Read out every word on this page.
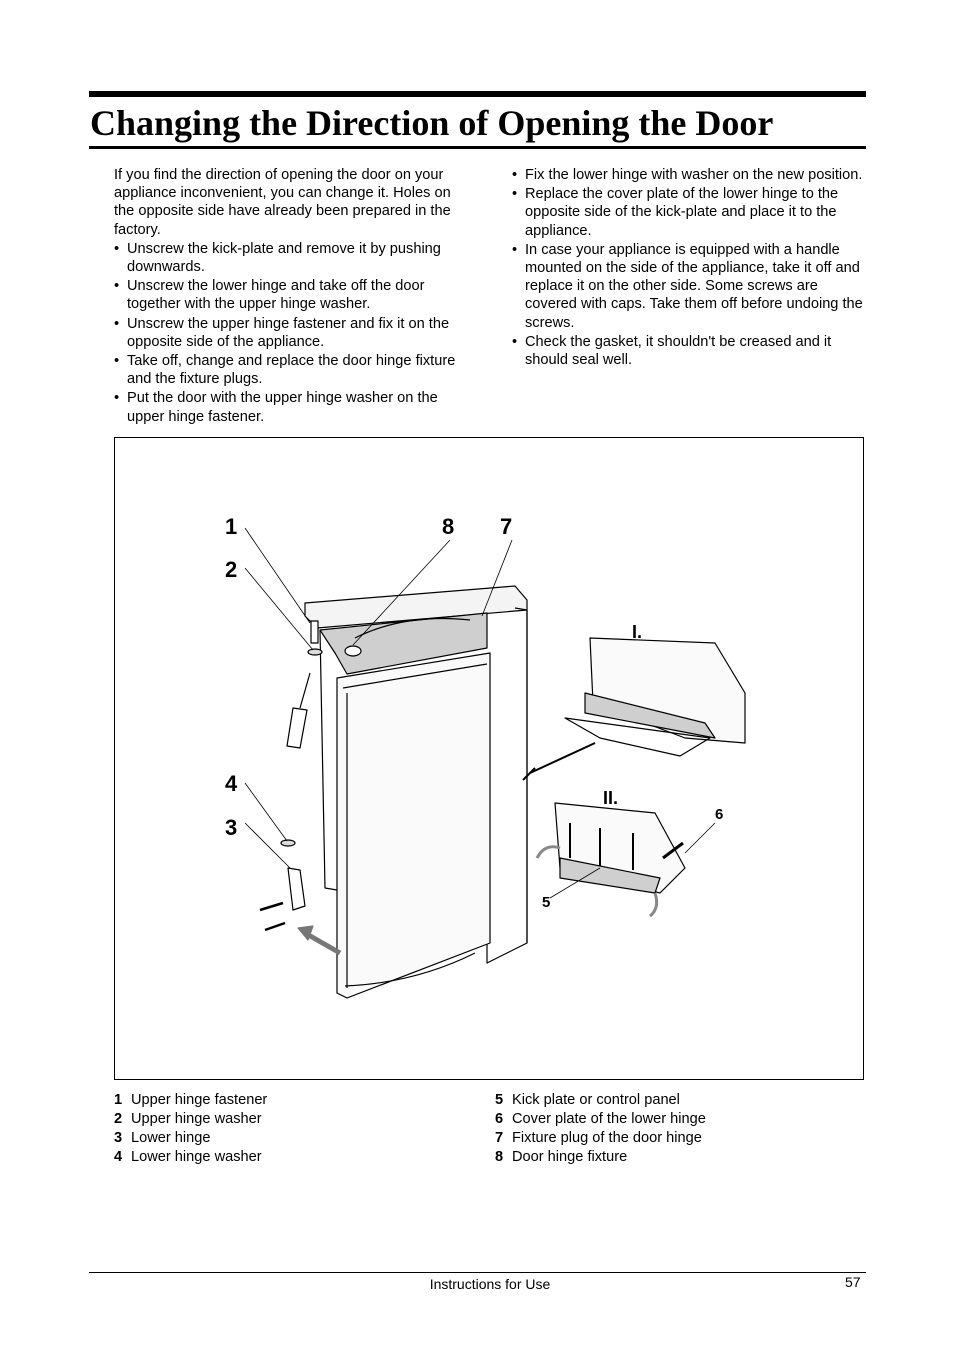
Changing the Direction of Opening the Door

If you find the direction of opening the door on your appliance inconvenient, you can change it. Holes on the opposite side have already been prepared in the factory.

• Unscrew the kick-plate and remove it by pushing downwards.
• Unscrew the lower hinge and take off the door together with the upper hinge washer.
• Unscrew the upper hinge fastener and fix it on the opposite side of the appliance.
• Take off, change and replace the door hinge fixture and the fixture plugs.
• Put the door with the upper hinge washer on the upper hinge fastener.
• Fix the lower hinge with washer on the new position.
• Replace the cover plate of the lower hinge to the opposite side of the kick-plate and place it to the appliance.
• In case your appliance is equipped with a handle mounted on the side of the appliance, take it off and replace it on the other side. Some screws are covered with caps. Take them off before undoing the screws.
• Check the gasket, it shouldn't be creased and it should seal well.
1
2
8 7
4
3
6
5
I.
II.
1 Upper hinge fastener
2 Upper hinge washer
3 Lower hinge
4 Lower hinge washer
5 Kick plate or control panel
6 Cover plate of the lower hinge
7 Fixture plug of the door hinge
8 Door hinge fixture
Instructions for Use	57
